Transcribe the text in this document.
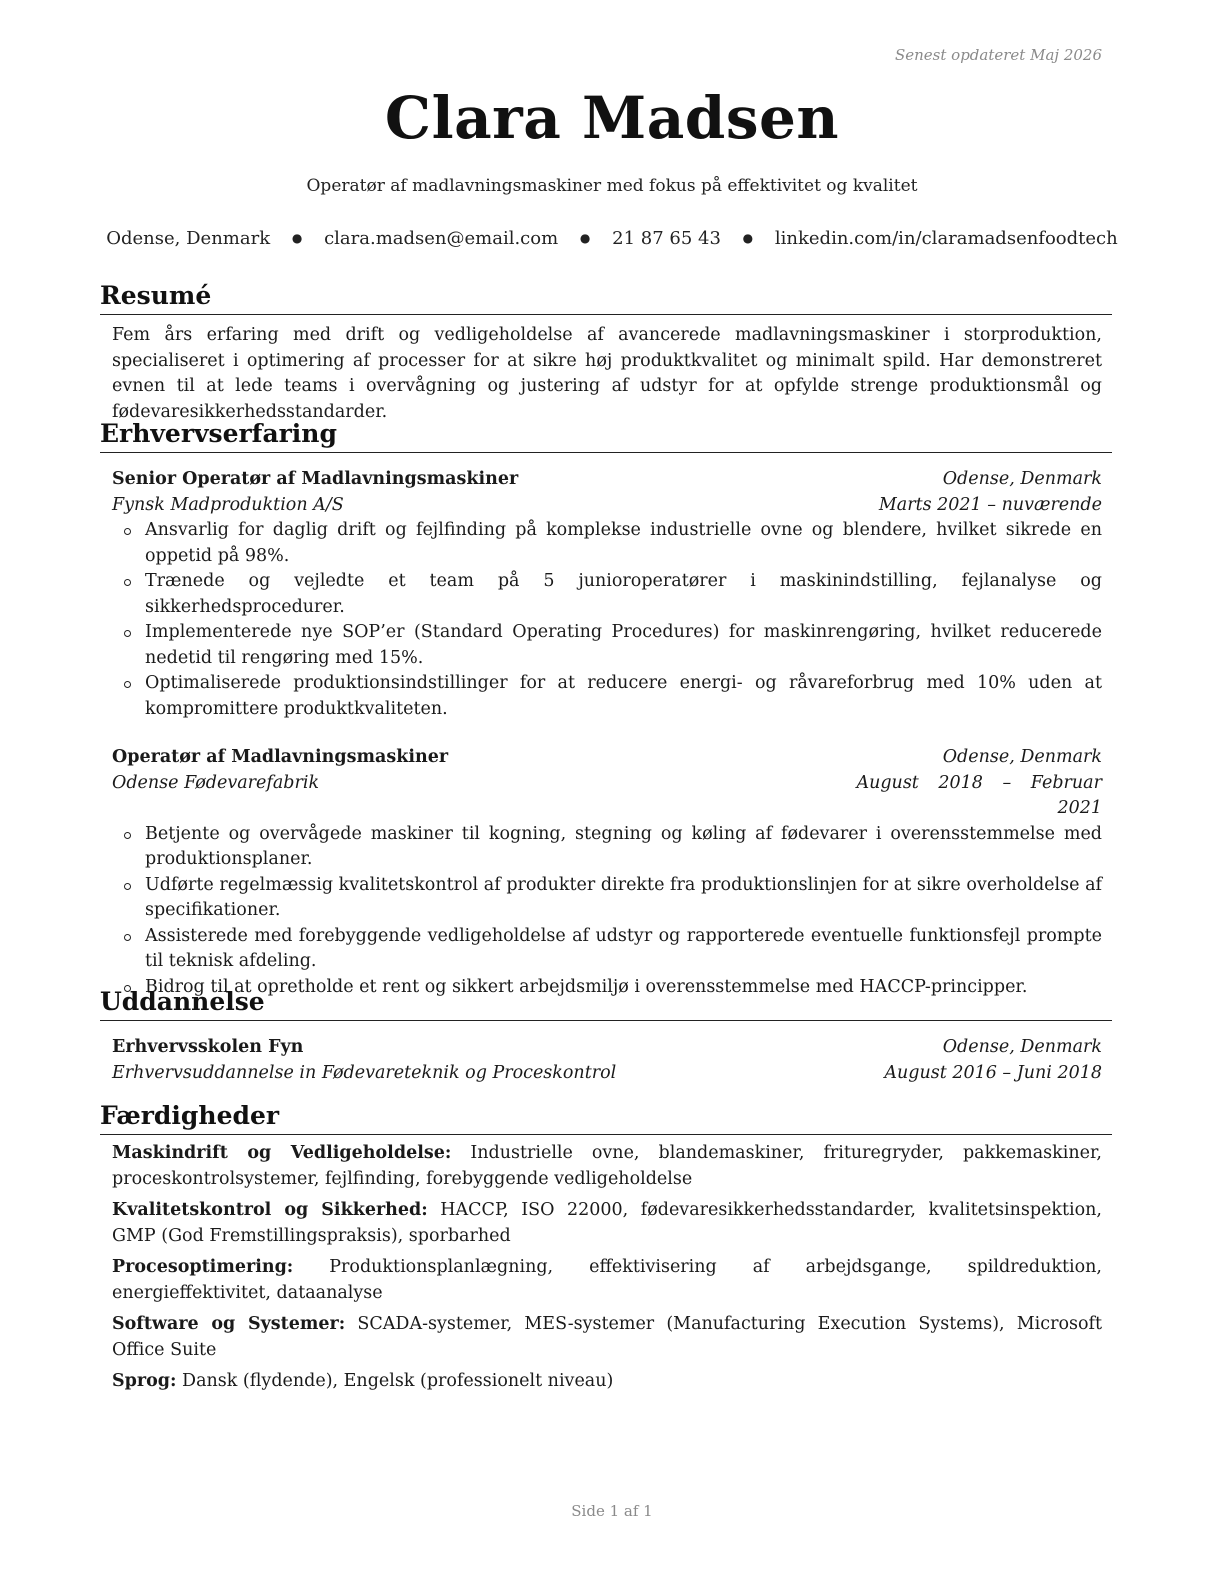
Senest opdateret Maj 2026
Clara Madsen
Operatør af madlavningsmaskiner med fokus på effektivitet og kvalitet
Odense, Denmark ● clara.madsen@email.com ● 21 87 65 43 ● linkedin.com/in/claramadsenfoodtech
Resumé
Fem års erfaring med drift og vedligeholdelse af avancerede madlavningsmaskiner i storproduktion, specialiseret i optimering af processer for at sikre høj produktkvalitet og minimalt spild. Har demonstreret evnen til at lede teams i overvågning og justering af udstyr for at opfylde strenge produktionsmål og fødevaresikkerhedsstandarder.
Erhvervserfaring
Senior Operatør af Madlavningsmaskiner	Odense, Denmark
Fynsk Madproduktion A/S	Marts 2021 – nuværende
Ansvarlig for daglig drift og fejlfinding på komplekse industrielle ovne og blendere, hvilket sikrede en oppetid på 98%.
Trænede og vejledte et team på 5 junioroperatører i maskinindstilling, fejlanalyse og sikkerhedsprocedurer.
Implementerede nye SOP’er (Standard Operating Procedures) for maskinrengøring, hvilket reducerede nedetid til rengøring med 15%.
Optimaliserede produktionsindstillinger for at reducere energi- og råvareforbrug med 10% uden at kompromittere produktkvaliteten.
Operatør af Madlavningsmaskiner	Odense, Denmark
Odense Fødevarefabrik	August 2018 – Februar
2021
Betjente og overvågede maskiner til kogning, stegning og køling af fødevarer i overensstemmelse med produktionsplaner.
Udførte regelmæssig kvalitetskontrol af produkter direkte fra produktionslinjen for at sikre overholdelse af specifikationer.
Assisterede med forebyggende vedligeholdelse af udstyr og rapporterede eventuelle funktionsfejl prompte til teknisk afdeling.
Bidrog til at opretholde et rent og sikkert arbejdsmiljø i overensstemmelse med HACCP-principper.
Uddannelse
Erhvervsskolen Fyn	Odense, Denmark
Erhvervsuddannelse in Fødevareteknik og Proceskontrol	August 2016 – Juni 2018
Færdigheder
Maskindrift og Vedligeholdelse: Industrielle ovne, blandemaskiner, frituregryder, pakkemaskiner, proceskontrolsystemer, fejlfinding, forebyggende vedligeholdelse
Kvalitetskontrol og Sikkerhed: HACCP, ISO 22000, fødevaresikkerhedsstandarder, kvalitetsinspektion, GMP (God Fremstillingspraksis), sporbarhed
Procesoptimering: Produktionsplanlægning, effektivisering af arbejdsgange, spildreduktion, energieffektivitet, dataanalyse
Software og Systemer: SCADA-systemer, MES-systemer (Manufacturing Execution Systems), Microsoft Office Suite
Sprog: Dansk (flydende), Engelsk (professionelt niveau)
Side 1 af 1
